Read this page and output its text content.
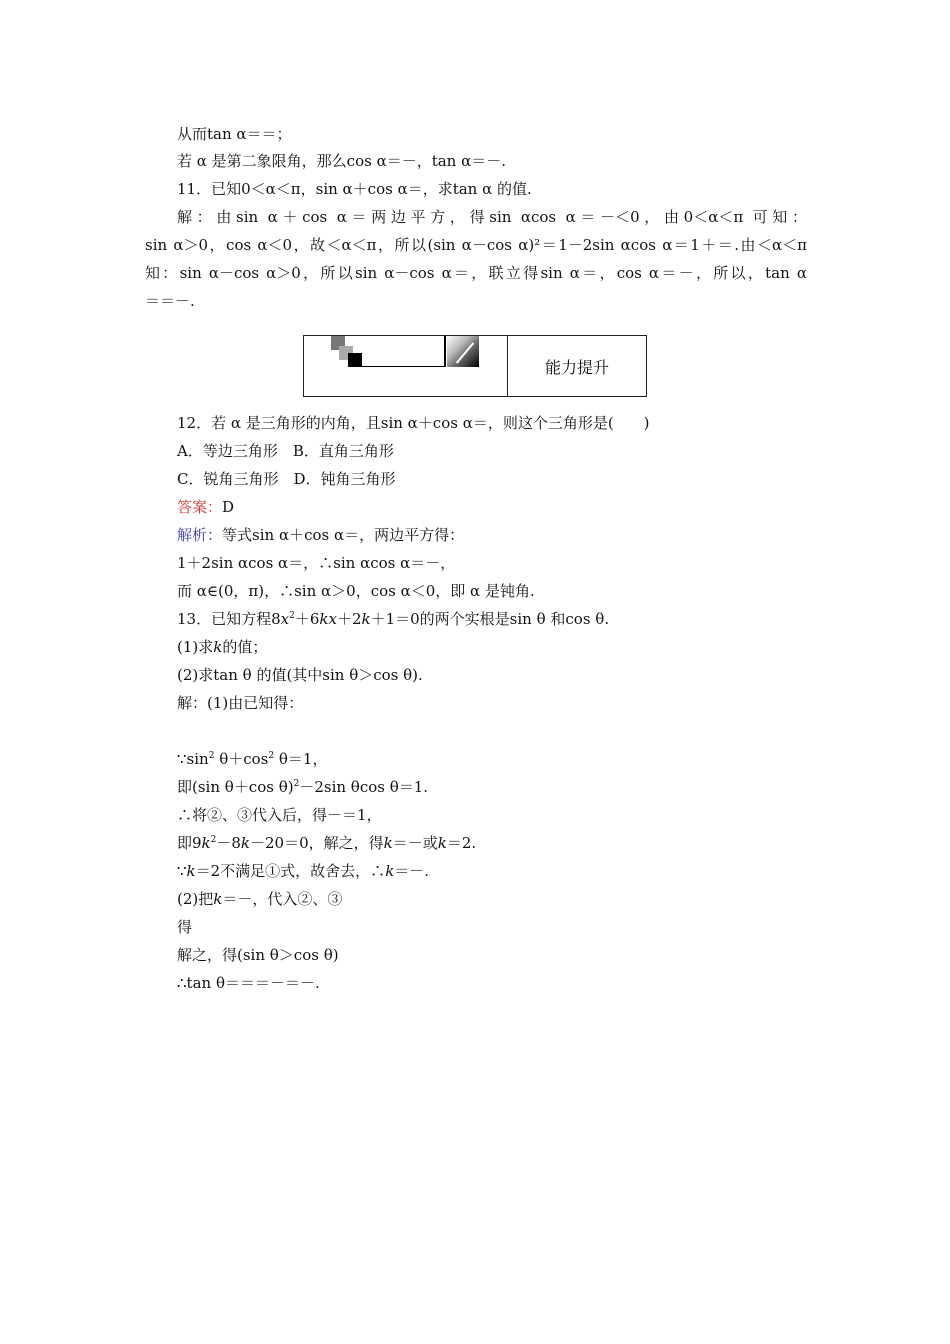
从而tan α＝＝；
若 α 是第二象限角，那么cos α＝－，tan α＝－.
11．已知0＜α＜π，sin α＋cos α＝，求tan α 的值.
解：由sin α＋cos α＝两边平方，得sin αcos α＝－＜0，由0＜α＜π 可知：
sin α＞0，cos α＜0，故＜α＜π，所以(sin α－cos α)²＝1－2sin αcos α＝1＋＝.由＜α＜π
知：sin α－cos α＞0，所以sin α－cos α＝，联立得sin α＝，cos α＝－，所以，tan α
＝＝－.
能力提升
12．若 α 是三角形的内角，且sin α＋cos α＝，则这个三角形是(　　)
A．等边三角形　B．直角三角形
C．锐角三角形　D．钝角三角形
答案：D
解析：等式sin α＋cos α＝，两边平方得：
1＋2sin αcos α＝，∴sin αcos α＝－，
而 α∈(0，π)，∴sin α＞0，cos α＜0，即 α 是钝角.
13．已知方程$8x^2+6kx+2k+1=0$的两个实根是sin θ 和cos θ.
(1)求k的值；
(2)求tan θ 的值(其中sin θ＞cos θ).
解：(1)由已知得：
$\because\sin^2$ $\theta+\cos^2$ θ＝1，
即(sin θ＋cos θ)$^2$－2sin θcos θ＝1.
∴将②、③代入后，得－＝1，
即$9k^2-8k-20=0$，解之，得k＝－或k＝2.
∵k＝2不满足①式，故舍去，∴k＝－.
(2)把k＝－，代入②、③
得
解之，得(sin θ＞cos θ)
∴tan θ＝＝＝－＝－.
